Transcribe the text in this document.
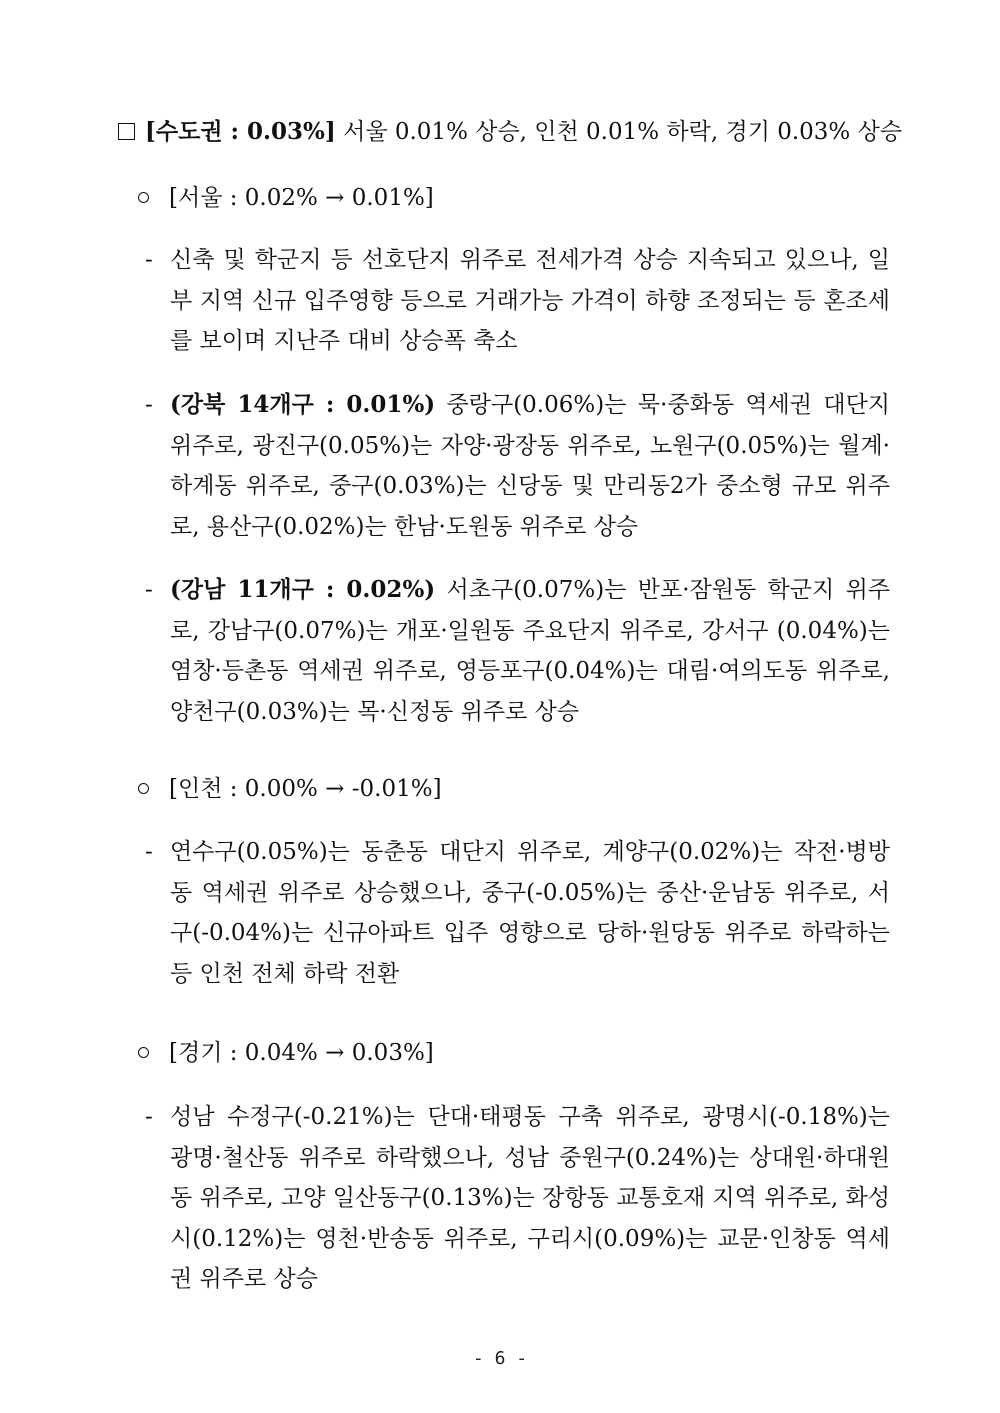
[수도권 : 0.03%] 서울 0.01% 상승, 인천 0.01% 하락, 경기 0.03% 상승
[서울 : 0.02% → 0.01%]
- 신축 및 학군지 등 선호단지 위주로 전세가격 상승 지속되고 있으나, 일부 지역 신규 입주영향 등으로 거래가능 가격이 하향 조정되는 등 혼조세를 보이며 지난주 대비 상승폭 축소
- (강북 14개구 : 0.01%) 중랑구(0.06%)는 묵·중화동 역세권 대단지 위주로, 광진구(0.05%)는 자양·광장동 위주로, 노원구(0.05%)는 월계·하계동 위주로, 중구(0.03%)는 신당동 및 만리동2가 중소형 규모 위주로, 용산구(0.02%)는 한남·도원동 위주로 상승
- (강남 11개구 : 0.02%) 서초구(0.07%)는 반포·잠원동 학군지 위주로, 강남구(0.07%)는 개포·일원동 주요단지 위주로, 강서구 (0.04%)는 염창·등촌동 역세권 위주로, 영등포구(0.04%)는 대림·여의도동 위주로, 양천구(0.03%)는 목·신정동 위주로 상승
[인천 : 0.00% → -0.01%]
- 연수구(0.05%)는 동춘동 대단지 위주로, 계양구(0.02%)는 작전·병방동 역세권 위주로 상승했으나, 중구(-0.05%)는 중산·운남동 위주로, 서구(-0.04%)는 신규아파트 입주 영향으로 당하·원당동 위주로 하락하는 등 인천 전체 하락 전환
[경기 : 0.04% → 0.03%]
- 성남 수정구(-0.21%)는 단대·태평동 구축 위주로, 광명시(-0.18%)는 광명·철산동 위주로 하락했으나, 성남 중원구(0.24%)는 상대원·하대원동 위주로, 고양 일산동구(0.13%)는 장항동 교통호재 지역 위주로, 화성시(0.12%)는 영천·반송동 위주로, 구리시(0.09%)는 교문·인창동 역세권 위주로 상승
- 6 -
